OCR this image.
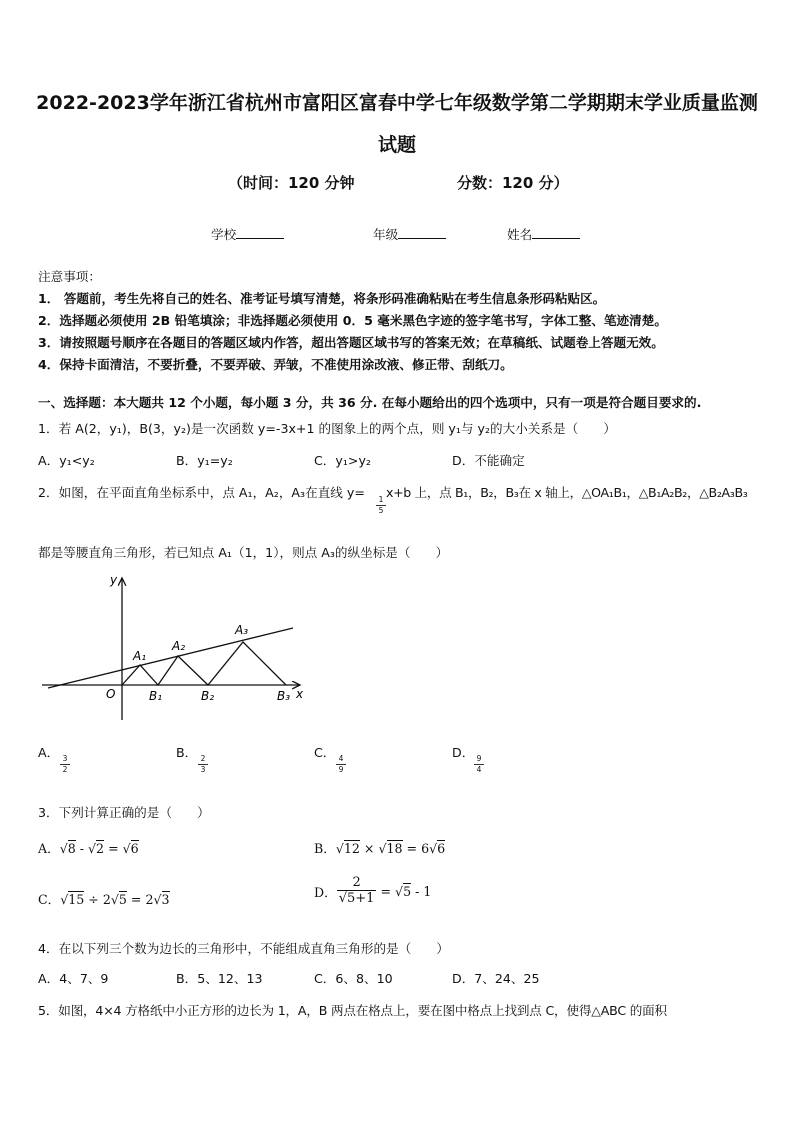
2022-2023学年浙江省杭州市富阳区富春中学七年级数学第二学期期末学业质量监测
试题
（时间：120 分钟	分数：120 分）
学校	年级	姓名
注意事项：
1． 答题前，考生先将自己的姓名、准考证号填写清楚，将条形码准确粘贴在考生信息条形码粘贴区。
2．选择题必须使用 2B 铅笔填涂；非选择题必须使用 0．5 毫米黑色字迹的签字笔书写，字体工整、笔迹清楚。
3．请按照题号顺序在各题目的答题区域内作答，超出答题区域书写的答案无效；在草稿纸、试题卷上答题无效。
4．保持卡面清洁，不要折叠，不要弄破、弄皱，不准使用涂改液、修正带、刮纸刀。
一、选择题：本大题共 12 个小题，每小题 3 分，共 36 分. 在每小题给出的四个选项中，只有一项是符合题目要求的.
1．若 A(2，y₁)，B(3，y₂)是一次函数 y=-3x+1 的图象上的两个点，则 y₁与 y₂的大小关系是（　　）
A．y₁<y₂	B．y₁=y₂	C．y₁>y₂	D．不能确定
2．如图，在平面直角坐标系中，点 A₁，A₂，A₃在直线 y=	1
5
x+b 上，点 B₁，B₂，B₃在 x 轴上，△OA₁B₁，△B₁A₂B₂，△B₂A₃B₃
都是等腰直角三角形，若已知点 A₁（1，1），则点 A₃的纵坐标是（　　）
y
x
O
A₁
A₂
A₃
B₁	B₂	B₃
A． 3
2
B． 2
3
C． 4
9
D． 9
4
3．下列计算正确的是（　　）
A．√8 - √2 = √6	B．√12 × √18 = 6√6
C．√15 ÷ 2√5 = 2√3	D． $\frac{2}{√5+1} = √5 - 1$
4．在以下列三个数为边长的三角形中，不能组成直角三角形的是（　　）
A．4、7、9	B．5、12、13	C．6、8、10	D．7、24、25
5．如图，4×4 方格纸中小正方形的边长为 1，A，B 两点在格点上，要在图中格点上找到点 C，使得△ABC 的面积
